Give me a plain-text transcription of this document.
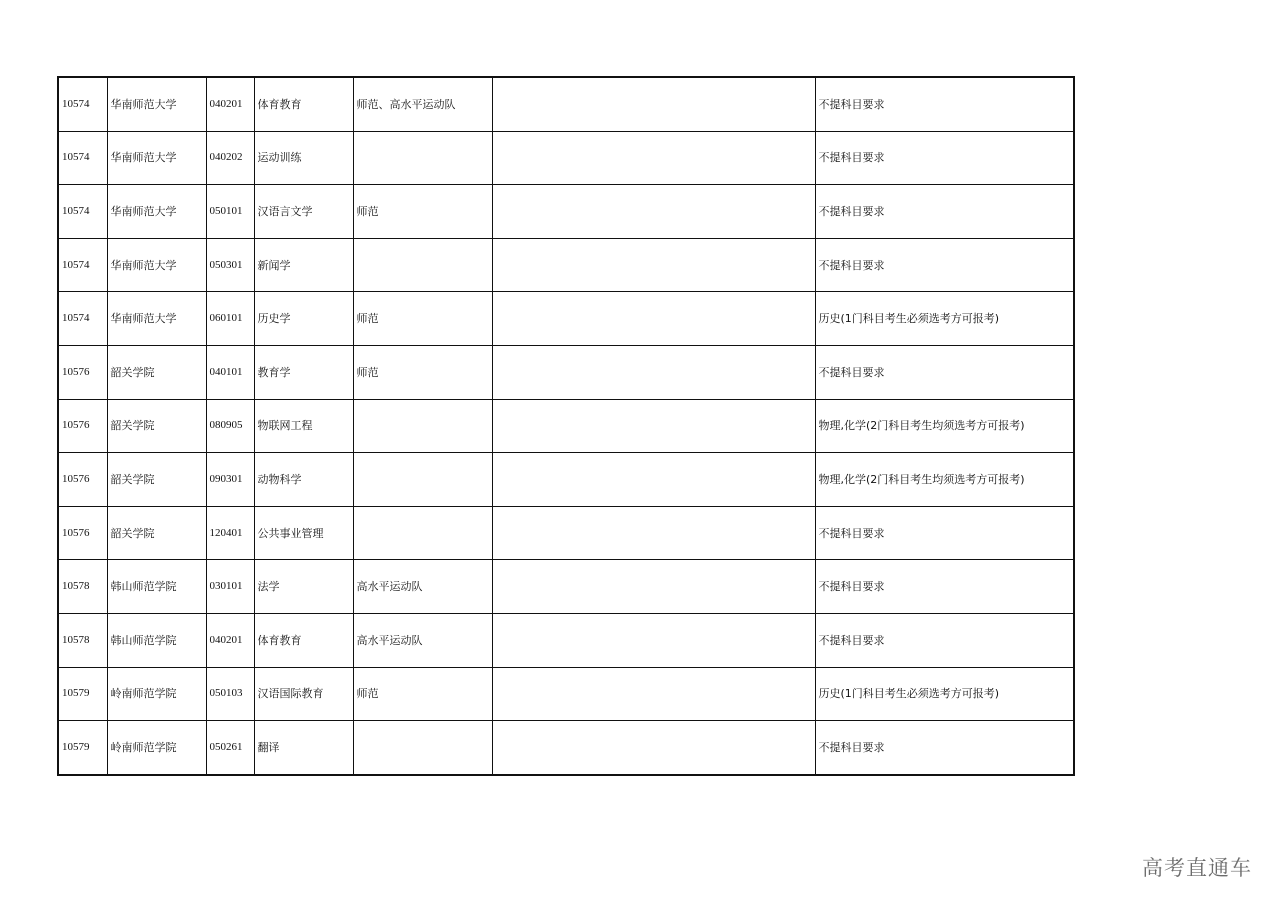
10574	华南师范大学	040201	体育教育	师范、高水平运动队		不提科目要求
10574	华南师范大学	040202	运动训练			不提科目要求
10574	华南师范大学	050101	汉语言文学	师范		不提科目要求
10574	华南师范大学	050301	新闻学			不提科目要求
10574	华南师范大学	060101	历史学	师范		历史(1门科目考生必须选考方可报考)
10576	韶关学院	040101	教育学	师范		不提科目要求
10576	韶关学院	080905	物联网工程			物理,化学(2门科目考生均须选考方可报考)
10576	韶关学院	090301	动物科学			物理,化学(2门科目考生均须选考方可报考)
10576	韶关学院	120401	公共事业管理			不提科目要求
10578	韩山师范学院	030101	法学	高水平运动队		不提科目要求
10578	韩山师范学院	040201	体育教育	高水平运动队		不提科目要求
10579	岭南师范学院	050103	汉语国际教育	师范		历史(1门科目考生必须选考方可报考)
10579	岭南师范学院	050261	翻译			不提科目要求
高考直通车
